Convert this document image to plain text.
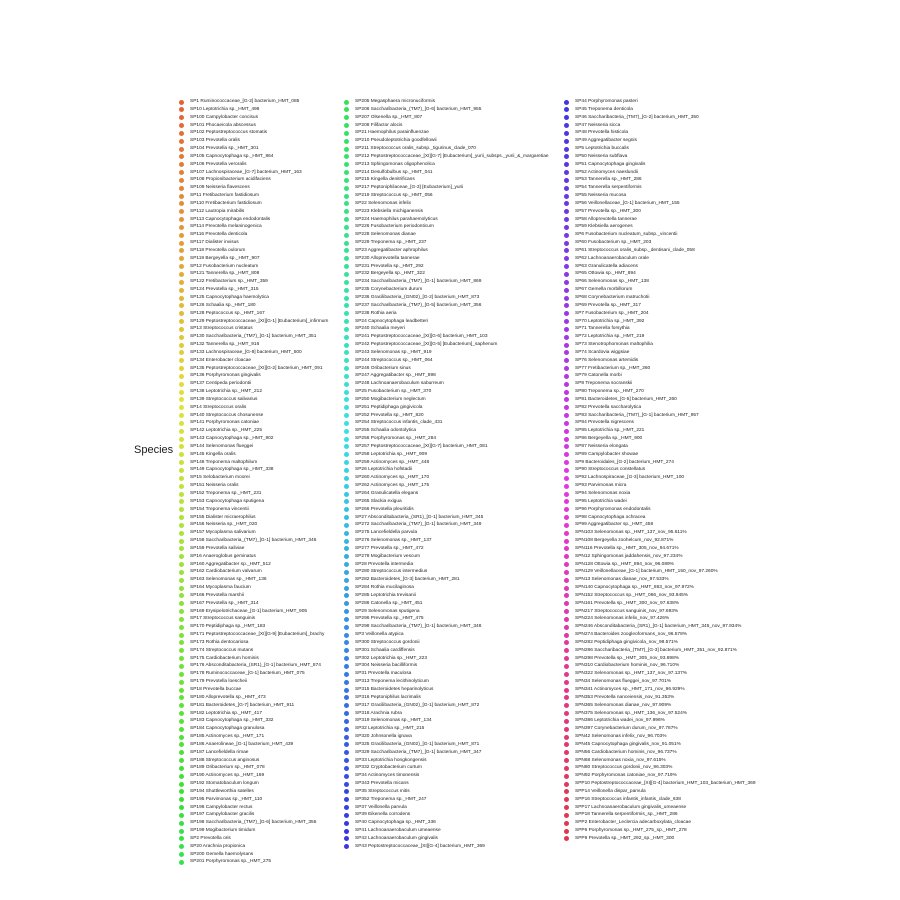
Species
SP1 Ruminococcaceae_[G-2] bacterium_HMT_085
SP10 Leptotrichia sp._HMT_498
SP100 Campylobacter concisus
SP101 Phocaeicola abscessus
SP102 Peptostreptococcus stomatis
SP103 Prevotella oralis
SP104 Prevotella sp._HMT_301
SP105 Capnocytophaga sp._HMT_864
SP106 Prevotella veroralis
SP107 Lachnospiraceae_[G-7] bacterium_HMT_163
SP108 Propionibacterium acidifaciens
SP109 Neisseria flavescens
SP11 Fretibacterium fastidiosum
SP110 Fretibacterium fastidiosum
SP112 Lautropia mirabilis
SP113 Capnocytophaga endodontalis
SP114 Prevotella melaninogenica
SP116 Prevotella denticola
SP117 Dialister invisus
SP118 Prevotella oulorum
SP119 Bergeyella sp._HMT_907
SP12 Fusobacterium nucleatum
SP121 Tannerella sp._HMT_808
SP122 Fretibacterium sp._HMT_359
SP124 Prevotella sp._HMT_315
SP125 Capnocytophaga haemolytica
SP126 Schaalia sp._HMT_180
SP128 Peptococcus sp._HMT_167
SP129 Peptostreptococcaceae_[XI][G-1] [Eubacterium]_infirmum
SP13 Streptococcus cristatus
SP130 Saccharibacteria_(TM7)_[G-1] bacterium_HMT_351
SP132 Tannerella sp._HMT_916
SP133 Lachnospiraceae_[G-8] bacterium_HMT_500
SP134 Enterobacter cloacae
SP135 Peptostreptococcaceae_[XI][G-2] bacterium_HMT_091
SP136 Porphyromonas gingivalis
SP137 Centipeda periodontii
SP138 Leptotrichia sp._HMT_212
SP139 Streptococcus salivarius
SP14 Streptococcus oralis
SP140 Streptococcus chosunense
SP141 Porphyromonas catoniae
SP142 Leptotrichia sp._HMT_225
SP143 Capnocytophaga sp._HMT_902
SP144 Selenomonas flueggei
SP145 Kingella oralis
SP146 Treponema maltophilum
SP149 Capnocytophaga sp._HMT_338
SP15 Selobacterium moorei
SP151 Neisseria oralis
SP152 Treponema sp._HMT_231
SP153 Capnocytophaga sputigena
SP154 Treponema vincentii
SP155 Dialister micraerophilus
SP156 Neisseria sp._HMT_020
SP157 Mycoplasma salivarium
SP158 Saccharibacteria_(TM7)_[G-1] bacterium_HMT_346
SP159 Prevotella saliviae
SP16 Anaeroglobus geminatus
SP160 Aggregatibacter sp._HMT_512
SP162 Cardiobacterium valvarum
SP163 Selenomonas sp._HMT_136
SP164 Mycoplasma faucium
SP166 Prevotella marshii
SP167 Prevotella sp._HMT_314
SP169 Erysipelotrichaceae_[G-1] bacterium_HMT_905
SP17 Streptococcus sanguinis
SP170 Peptidiphaga sp._HMT_183
SP171 Peptostreptococcaceae_[XI][G-9] [Eubacterium]_brachy
SP173 Rothia dentocariosa
SP174 Streptococcus mutans
SP175 Cardiobacterium hominis
SP176 Absconditabacteria_(SR1)_[G-1] bacterium_HMT_874
SP178 Ruminococcaceae_[G-1] bacterium_HMT_075
SP179 Prevotella loescheii
SP18 Prevotella buccae
SP180 Alloprevotella sp._HMT_473
SP181 Bacteroidetes_[G-7] bacterium_HMT_911
SP182 Leptotrichia sp._HMT_417
SP183 Capnocytophaga sp._HMT_332
SP184 Capnocytophaga granulosa
SP185 Actinomyces sp._HMT_171
SP186 Anaerolineae_[G-1] bacterium_HMT_439
SP187 Lancefieldella rimae
SP188 Streptococcus anginosus
SP189 Oribacterium sp._HMT_078
SP190 Actinomyces sp._HMT_169
SP192 Stomatobaculum longum
SP194 Shuttleworthia satelles
SP195 Parvimonas sp._HMT_110
SP196 Campylobacter rectus
SP197 Campylobacter gracilis
SP198 Saccharibacteria_(TM7)_[G-6] bacterium_HMT_355
SP199 Mogibacterium timidum
SP2 Prevotella oris
SP20 Arachnia propionica
SP200 Gemella haemolysans
SP201 Porphyromonas sp._HMT_275
SP205 Megasphaera micronuciformis
SP206 Saccharibacteria_(TM7)_[G-6] bacterium_HMT_955
SP207 Olsenella sp._HMT_807
SP208 Filifactor alocis
SP21 Haemophilus parainfluenzae
SP210 Pseudoleptotrichia goodfellowii
SP211 Streptococcus oralis_subsp._tigurinus_clade_070
SP212 Peptostreptococcaceae_[XI][G-7] [Eubacterium]_yurii_subsps._yurii_&_margaretiae
SP213 Sphingomonas oligophenolica
SP214 Desulfobulbus sp._HMT_041
SP215 Kingella denitrificans
SP217 Peptoniphilaceae_[G-3] [Eubacterium]_yurii
SP219 Streptococcus sp._HMT_056
SP22 Selenomonas infelix
SP223 Klebsiella michiganensis
SP224 Haemophilus parahaemolyticus
SP226 Fusobacterium periodonticum
SP228 Selenomonas dianae
SP229 Treponema sp._HMT_237
SP23 Aggregatibacter aphrophilus
SP230 Alloprevotella tannerae
SP231 Prevotella sp._HMT_292
SP232 Bergeyella sp._HMT_322
SP234 Saccharibacteria_(TM7)_[G-1] bacterium_HMT_869
SP235 Corynebacterium durum
SP236 Gracilibacteria_(GN02)_[G-2] bacterium_HMT_873
SP237 Saccharibacteria_(TM7)_[G-5] bacterium_HMT_356
SP238 Rothia aeria
SP24 Capnocytophaga leadbetteri
SP240 Schaalia meyeri
SP241 Peptostreptococcaceae_[XI][G-6] bacterium_HMT_103
SP242 Peptostreptococcaceae_[XI][G-5] [Eubacterium]_saphenum
SP243 Selenomonas sp._HMT_919
SP244 Streptococcus sp._HMT_064
SP246 Oribacterium sinus
SP247 Aggregatibacter sp._HMT_898
SP248 Lachnoanaerobaculum saburreum
SP25 Fusobacterium sp._HMT_370
SP250 Mogibacterium neglectum
SP251 Peptidiphaga gingivicola
SP252 Prevotella sp._HMT_820
SP254 Streptococcus infantis_clade_431
SP255 Schaalia odontolytica
SP256 Porphyromonas sp._HMT_284
SP257 Peptostreptococcaceae_[XI][G-7] bacterium_HMT_081
SP258 Leptotrichia sp._HMT_909
SP259 Actinomyces sp._HMT_448
SP26 Leptotrichia hofstadii
SP260 Actinomyces sp._HMT_170
SP262 Actinomyces sp._HMT_175
SP264 Granulicatella elegans
SP265 Slackia exigua
SP266 Prevotella pleuritidis
SP27 Absconditabacteria_(SR1)_[G-1] bacterium_HMT_345
SP272 Saccharibacteria_(TM7)_[G-1] bacterium_HMT_349
SP275 Lancefieldella parvula
SP276 Selenomonas sp._HMT_137
SP277 Prevotella sp._HMT_472
SP278 Mogibacterium vescum
SP28 Prevotella intermedia
SP280 Streptococcus intermedius
SP282 Bacteroidetes_[G-3] bacterium_HMT_281
SP284 Rothia mucilaginosa
SP285 Leptotrichia trevisanii
SP286 Catonella sp._HMT_451
SP29 Selenomonas sputigena
SP296 Prevotella sp._HMT_475
SP298 Saccharibacteria_(TM7)_[G-1] bacterium_HMT_348
SP3 Veillonella atypica
SP300 Streptococcus gordonii
SP301 Schaalia cardiffensis
SP302 Leptotrichia sp._HMT_223
SP304 Neisseria bacilliformis
SP31 Prevotella maculosa
SP313 Treponema lecithinolyticum
SP315 Bacteroidetes heparinolyticus
SP316 Peptoniphilus lacrimalis
SP317 Gracilibacteria_(GN02)_[G-1] bacterium_HMT_872
SP318 Arachnia rubra
SP319 Selenomonas sp._HMT_134
SP32 Leptotrichia sp._HMT_215
SP320 Johnsonella ignava
SP325 Gracilibacteria_(GN02)_[G-1] bacterium_HMT_871
SP329 Saccharibacteria_(TM7)_[G-1] bacterium_HMT_347
SP33 Leptotrichia hongkongensis
SP332 Cryptobacterium curtum
SP34 Actinomyces timonensis
SP343 Prevotella micans
SP35 Streptococcus mitis
SP352 Treponema sp._HMT_247
SP37 Veillonella parvula
SP39 Eikenella corrodens
SP40 Capnocytophaga sp._HMT_336
SP41 Lachnoanaerobaculum umeaense
SP42 Lachnoanaerobaculum gingivalis
SP43 Peptostreptococcaceae_[XI][G-4] bacterium_HMT_369
SP44 Porphyromonas pasteri
SP45 Treponema denticola
SP46 Saccharibacteria_(TM7)_[G-2] bacterium_HMT_350
SP47 Neisseria sicca
SP48 Prevotella histicola
SP49 Aggregatibacter segnis
SP5 Leptotrichia buccalis
SP50 Neisseria subflava
SP51 Capnocytophaga gingivalis
SP52 Actinomyces naeslundii
SP53 Tannerella sp._HMT_286
SP54 Tannerella serpentiformis
SP55 Neisseria mucosa
SP56 Veillonellaceae_[G-1] bacterium_HMT_155
SP57 Prevotella sp._HMT_300
SP58 Alloprevotella tannerae
SP59 Klebsiella aerogenes
SP6 Fusobacterium nucleatum_subsp._vincentii
SP60 Fusobacterium sp._HMT_203
SP61 Streptococcus oralis_subsp._dentisani_clade_058
SP62 Lachnoanaerobaculum orale
SP63 Granulicatella adiacens
SP65 Ottowia sp._HMT_894
SP66 Selenomonas sp._HMT_138
SP67 Gemella morbillorum
SP68 Corynebacterium matruchotii
SP69 Prevotella sp._HMT_317
SP7 Fusobacterium sp._HMT_204
SP70 Leptotrichia sp._HMT_392
SP71 Tannerella forsythia
SP72 Leptotrichia sp._HMT_219
SP73 Stenotrophomonas maltophilia
SP74 Scardovia wiggsiae
SP76 Selenomonas artemidis
SP77 Fretibacterium sp._HMT_360
SP79 Catonella morbi
SP8 Treponema socranskii
SP80 Treponema sp._HMT_270
SP81 Bacteroidetes_[G-5] bacterium_HMT_260
SP82 Prevotella saccharolytica
SP83 Saccharibacteria_(TM7)_[G-1] bacterium_HMT_957
SP84 Prevotella nigrescens
SP85 Leptotrichia sp._HMT_221
SP86 Bergeyella sp._HMT_900
SP87 Neisseria elongata
SP89 Campylobacter showae
SP9 Bacteroidales_[G-2] bacterium_HMT_274
SP90 Streptococcus constellatus
SP92 Lachnospiraceae_[G-3] bacterium_HMT_100
SP93 Parvimonas micra
SP94 Selenomonas noxia
SP95 Leptotrichia wadei
SP96 Porphyromonas endodontalis
SP98 Capnocytophaga ochracea
SP99 Aggregatibacter sp._HMT_458
SPN103 Selenomonas sp._HMT_137_nov_95.611%
SPN108 Bergeyella zoohelcum_nov_92.871%
SPN116 Prevotella sp._HMT_305_nov_94.671%
SPN12 Sphingomonas jaddahensis_nov_97.234%
SPN128 Ottowia sp._HMT_894_nov_96.089%
SPN129 Veillonellaceae_[G-1] bacterium_HMT_150_nov_97.260%
SPN13 Selenomonas dianae_nov_97.533%
SPN140 Capnocytophaga sp._HMT_863_nov_97.972%
SPN152 Streptococcus sp._HMT_066_nov_93.945%
SPN161 Prevotella sp._HMT_300_nov_97.638%
SPN217 Streptococcus sanguinis_nov_97.693%
SPN224 Selenomonas infelix_nov_97.426%
SPN246 Absconditabacteria_(SR1)_[G-1] bacterium_HMT_345_nov_97.934%
SPN274 Bacteroides zoogleoformans_nov_96.578%
SPN282 Peptidiphaga gingivicola_nov_98.571%
SPN286 Saccharibacteria_(TM7)_[G-3] bacterium_HMT_351_nov_92.871%
SPN298 Prevotella sp._HMT_305_nov_93.898%
SPN310 Cardiobacterium hominis_nov_96.710%
SPN322 Selenomonas sp._HMT_137_nov_97.137%
SPN34 Selenomonas flueggei_nov_97.701%
SPN341 Actinomyces sp._HMT_171_nov_96.929%
SPN353 Prevotella nanceiensis_nov_91.353%
SPN365 Selenomonas dianae_nov_97.909%
SPN375 Selenomonas sp._HMT_136_nov_97.524%
SPN386 Leptotrichia wadei_nov_97.996%
SPN397 Corynebacterium durum_nov_97.787%
SPN42 Selenomonas infelix_nov_96.703%
SPN45 Capnocytophaga gingivalis_nov_91.051%
SPN56 Cardiobacterium hominis_nov_96.737%
SPN68 Selenomonas noxia_nov_97.615%
SPN80 Streptococcus gordonii_nov_96.303%
SPN92 Porphyromonas catoniae_nov_97.719%
SPP10 Peptostreptococcaceae_[XI][G-4] bacterium_HMT_103_bacterium_HMT_369
SPP14 Veillonella dispar_parvula
SPP16 Streptococcus infantis_infantis_clade_638
SPP17 Lachnoanaerobaculum gingivalis_umeaense
SPP18 Tannerella serpentiformis_sp._HMT_286
SPP2 Enterobacter_Leclercia adecarboxylata_cloacae
SPP6 Porphyromonas sp._HMT_275_sp._HMT_278
SPP9 Prevotella sp._HMT_292_sp._HMT_300
